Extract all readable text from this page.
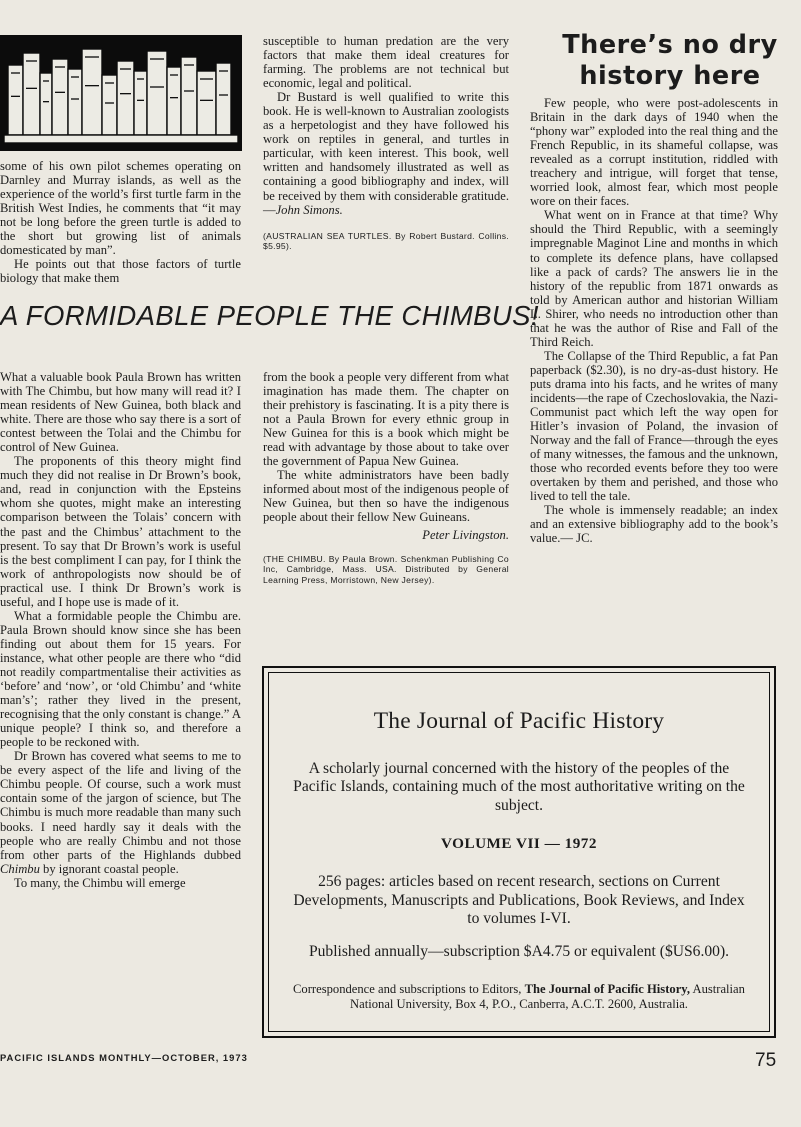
some of his own pilot schemes operating on Darnley and Murray islands, as well as the experience of the world’s first turtle farm in the British West Indies, he comments that “it may not be long before the green turtle is added to the short but growing list of animals domesticated by man”.

He points out that those factors of turtle biology that make them

susceptible to human predation are the very factors that make them ideal creatures for farming. The problems are not technical but economic, legal and political.

Dr Bustard is well qualified to write this book. He is well-known to Australian zoologists as a herpetologist and they have followed his work on reptiles in general, and turtles in particular, with keen interest. This book, well written and handsomely illustrated as well as containing a good bibliography and index, will be received by them with considerable gratitude.—John Simons.

(AUSTRALIAN SEA TURTLES. By Robert Bustard. Collins. $5.95).
A FORMIDABLE PEOPLE THE CHIMBUS!

What a valuable book Paula Brown has written with The Chimbu, but how many will read it? I mean residents of New Guinea, both black and white. There are those who say there is a sort of contest between the Tolai and the Chimbu for control of New Guinea.

The proponents of this theory might find much they did not realise in Dr Brown’s book, and, read in conjunction with the Epsteins whom she quotes, might make an interesting comparison between the Tolais’ concern with the past and the Chimbus’ attachment to the present. To say that Dr Brown’s work is useful is the best compliment I can pay, for I think the work of anthropologists now should be of practical use. I think Dr Brown’s work is useful, and I hope use is made of it.

What a formidable people the Chimbu are. Paula Brown should know since she has been finding out about them for 15 years. For instance, what other people are there who “did not readily compartmentalise their activities as ‘before’ and ‘now’, or ‘old Chimbu’ and ‘white man’s’; rather they lived in the present, recognising that the only constant is change.” A unique people? I think so, and therefore a people to be reckoned with.

Dr Brown has covered what seems to me to be every aspect of the life and living of the Chimbu people. Of course, such a work must contain some of the jargon of science, but The Chimbu is much more readable than many such books. I need hardly say it deals with the people who are really Chimbu and not those from other parts of the Highlands dubbed Chimbu by ignorant coastal people.

To many, the Chimbu will emerge

from the book a people very different from what imagination has made them. The chapter on their prehistory is fascinating. It is a pity there is not a Paula Brown for every ethnic group in New Guinea for this is a book which might be read with advantage by those about to take over the government of Papua New Guinea.

The white administrators have been badly informed about most of the indigenous people of New Guinea, but then so have the indigenous people about their fellow New Guineans.

Peter Livingston.
(THE CHIMBU. By Paula Brown. Schenkman Publishing Co Inc, Cambridge, Mass. USA. Distributed by General Learning Press, Morristown, New Jersey).
There’s no dry history here

Few people, who were post-adolescents in Britain in the dark days of 1940 when the “phony war” exploded into the real thing and the French Republic, in its shameful collapse, was revealed as a corrupt institution, riddled with treachery and intrigue, will forget that tense, worried look, almost fear, which most people wore on their faces.

What went on in France at that time? Why should the Third Republic, with a seemingly impregnable Maginot Line and months in which to complete its defence plans, have collapsed like a pack of cards? The answers lie in the history of the republic from 1871 onwards as told by American author and historian William L. Shirer, who needs no introduction other than that he was the author of Rise and Fall of the Third Reich.

The Collapse of the Third Republic, a fat Pan paperback ($2.30), is no dry-as-dust history. He puts drama into his facts, and he writes of many incidents—the rape of Czechoslovakia, the Nazi-Communist pact which left the way open for Hitler’s invasion of Poland, the invasion of Norway and the fall of France—through the eyes of many witnesses, the famous and the unknown, those who recorded events before they too were overtaken by them and perished, and those who lived to tell the tale.

The whole is immensely readable; an index and an extensive bibliography add to the book’s value.— JC.

The Journal of Pacific History

A scholarly journal concerned with the history of the peoples of the Pacific Islands, containing much of the most authoritative writing on the subject.

VOLUME VII — 1972

256 pages: articles based on recent research, sections on Current Developments, Manuscripts and Publications, Book Reviews, and Index to volumes I-VI.

Published annually—subscription $A4.75 or equivalent ($US6.00).

Correspondence and subscriptions to Editors, The Journal of Pacific History, Australian National University, Box 4, P.O., Canberra, A.C.T. 2600, Australia.

PACIFIC ISLANDS MONTHLY—OCTOBER, 1973	75
